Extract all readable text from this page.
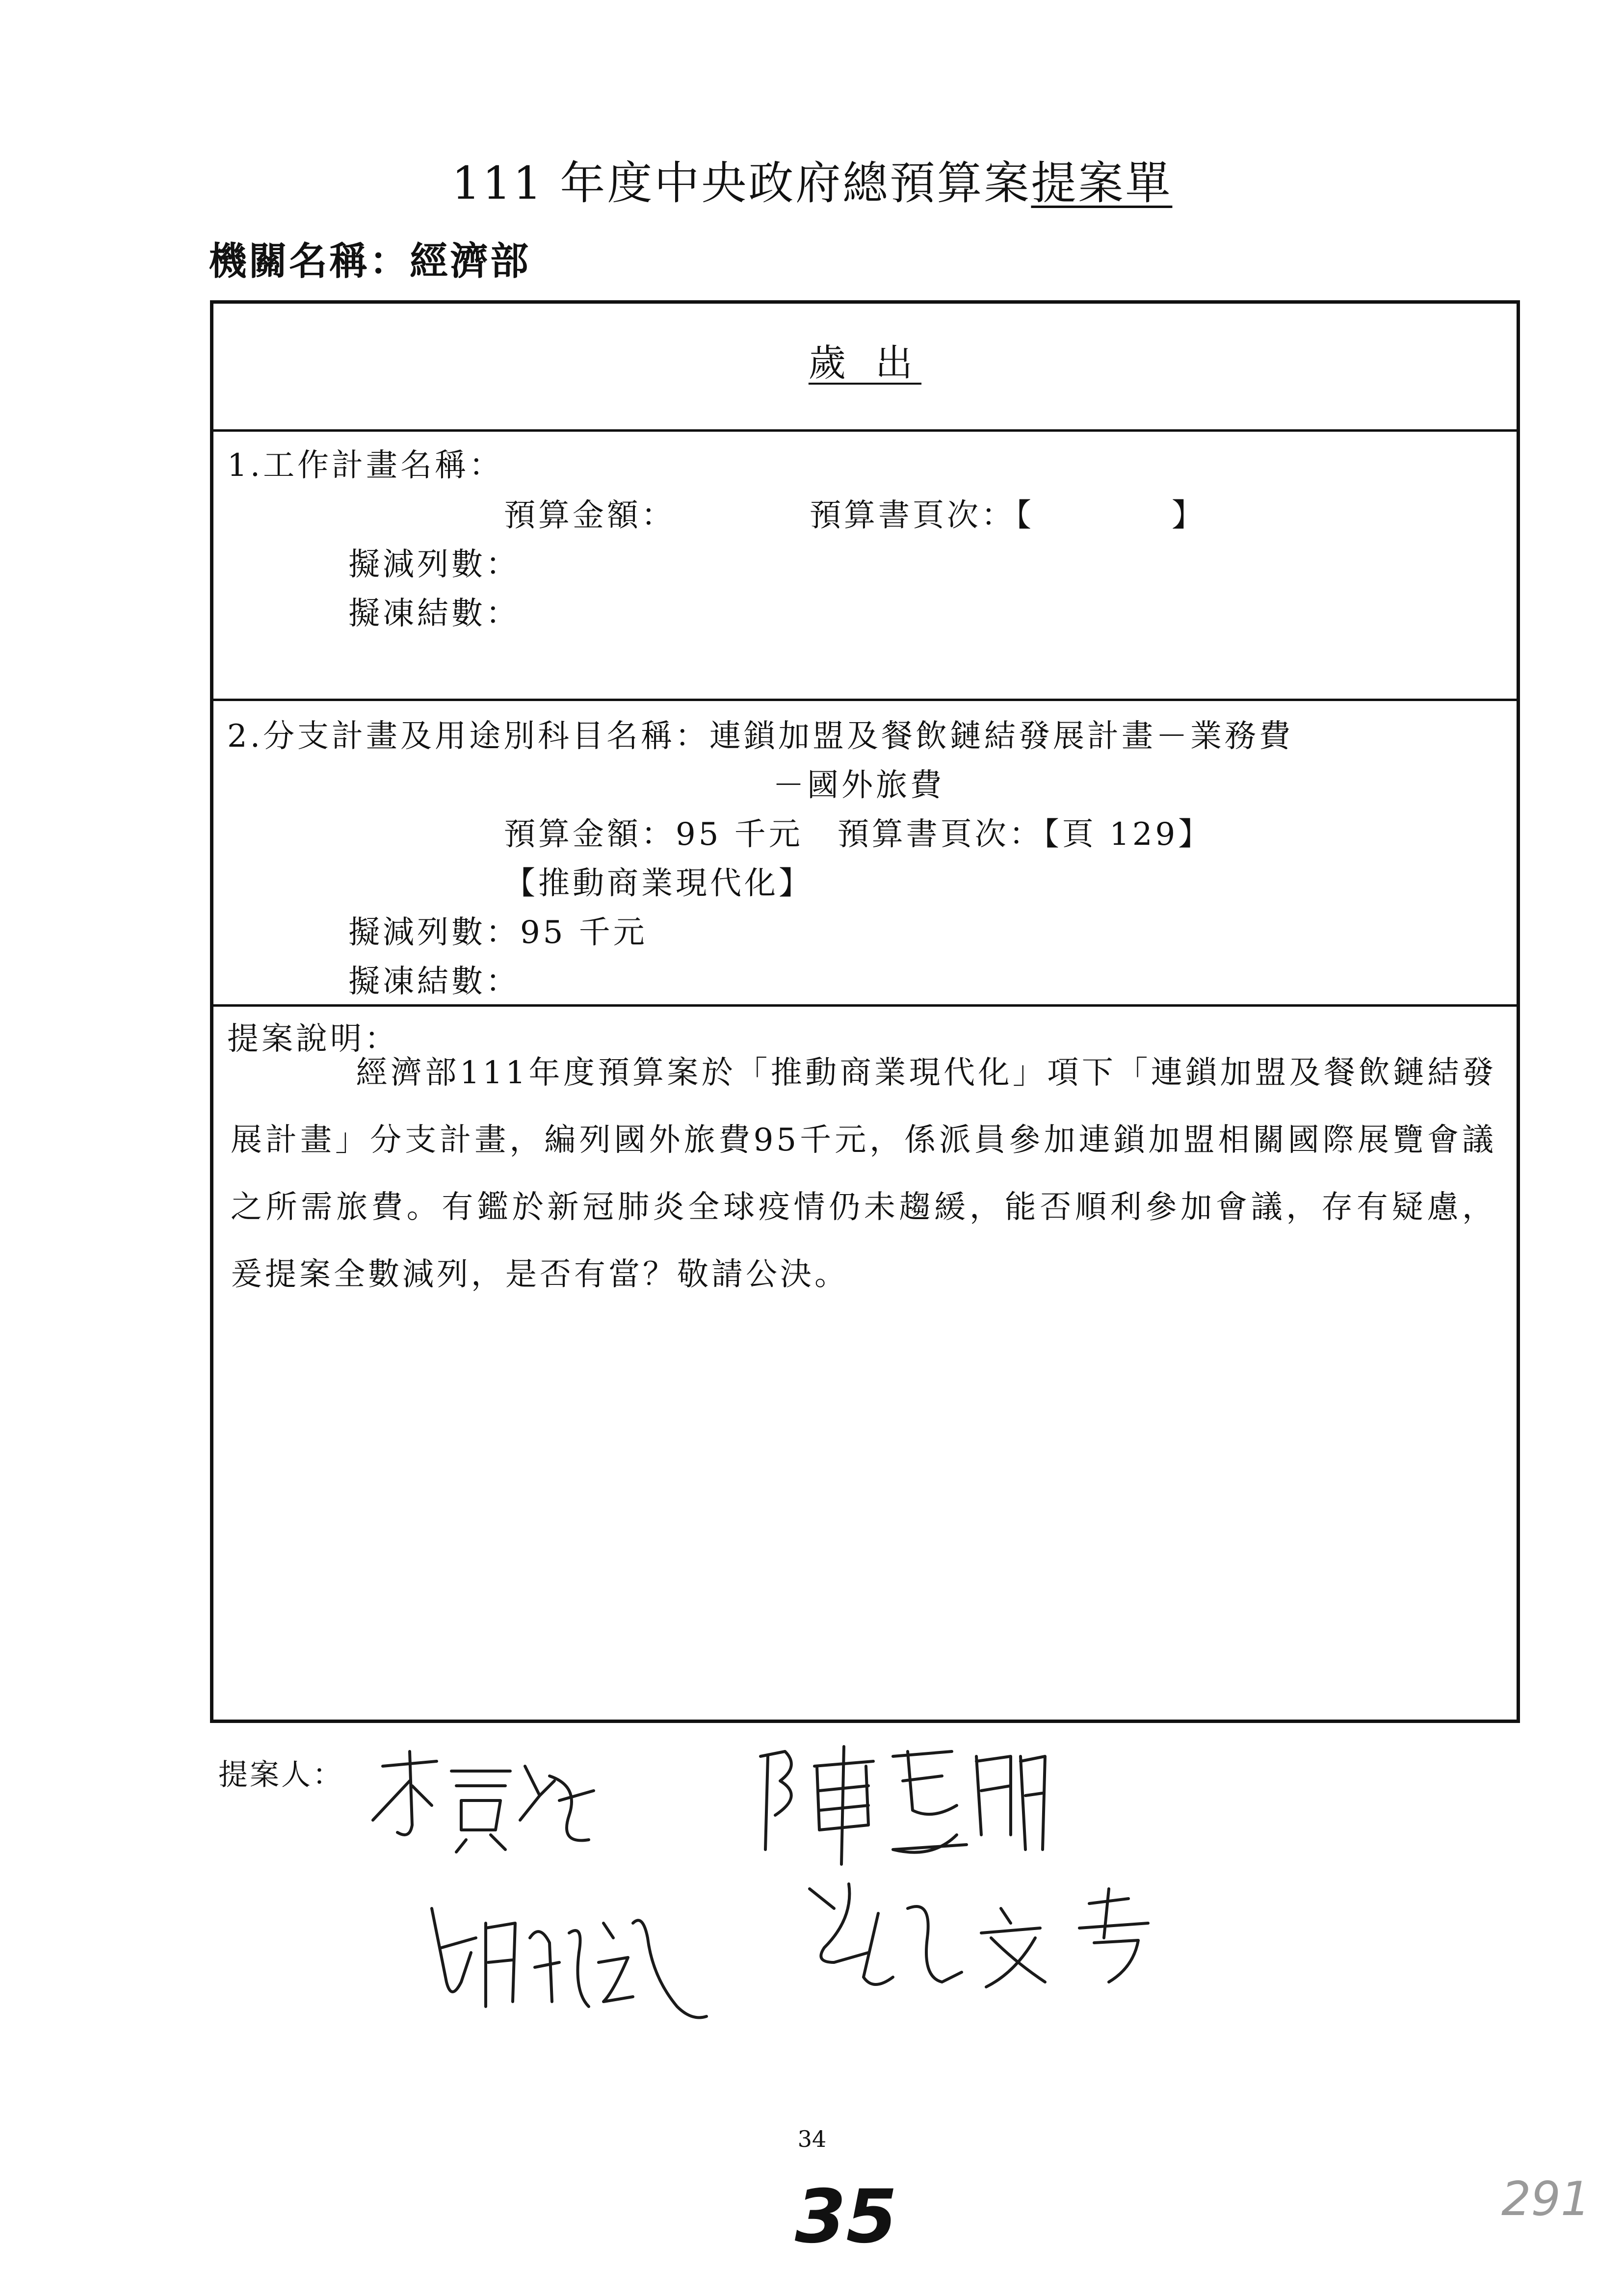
111 年度中央政府總預算案提案單
機關名稱：經濟部
歲 出
1.工作計畫名稱：
預算金額：	預算書頁次：【　　　　】
擬減列數：
擬凍結數：
2.分支計畫及用途別科目名稱：連鎖加盟及餐飲鏈結發展計畫－業務費
－國外旅費
預算金額：95 千元　預算書頁次：【頁 129】
【推動商業現代化】
擬減列數：95 千元
擬凍結數：
提案說明：
經濟部111年度預算案於「推動商業現代化」項下「連鎖加盟及餐飲鏈結發展計畫」分支計畫，編列國外旅費95千元，係派員參加連鎖加盟相關國際展覽會議之所需旅費。有鑑於新冠肺炎全球疫情仍未趨緩，能否順利參加會議，存有疑慮，爰提案全數減列，是否有當？敬請公決。
提案人：
34
35	291
